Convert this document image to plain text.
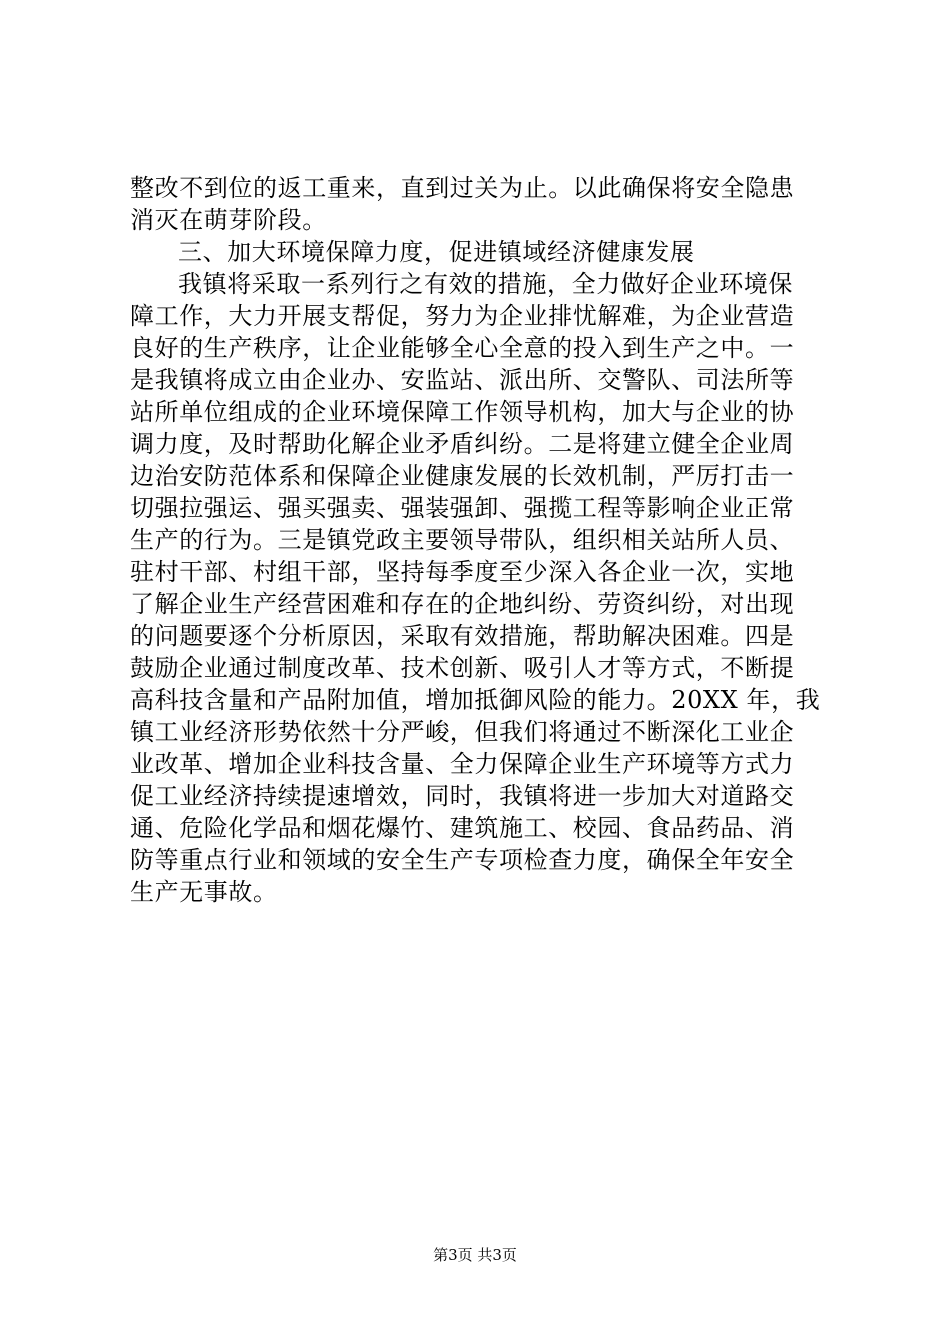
整改不到位的返工重来，直到过关为止。以此确保将安全隐患
消灭在萌芽阶段。
三、加大环境保障力度，促进镇域经济健康发展
我镇将采取一系列行之有效的措施，全力做好企业环境保
障工作，大力开展支帮促，努力为企业排忧解难，为企业营造
良好的生产秩序，让企业能够全心全意的投入到生产之中。一
是我镇将成立由企业办、安监站、派出所、交警队、司法所等
站所单位组成的企业环境保障工作领导机构，加大与企业的协
调力度，及时帮助化解企业矛盾纠纷。二是将建立健全企业周
边治安防范体系和保障企业健康发展的长效机制，严厉打击一
切强拉强运、强买强卖、强装强卸、强揽工程等影响企业正常
生产的行为。三是镇党政主要领导带队，组织相关站所人员、
驻村干部、村组干部，坚持每季度至少深入各企业一次，实地
了解企业生产经营困难和存在的企地纠纷、劳资纠纷，对出现
的问题要逐个分析原因，采取有效措施，帮助解决困难。四是
鼓励企业通过制度改革、技术创新、吸引人才等方式，不断提
高科技含量和产品附加值，增加抵御风险的能力。20XX 年，我
镇工业经济形势依然十分严峻，但我们将通过不断深化工业企
业改革、增加企业科技含量、全力保障企业生产环境等方式力
促工业经济持续提速增效，同时，我镇将进一步加大对道路交
通、危险化学品和烟花爆竹、建筑施工、校园、食品药品、消
防等重点行业和领域的安全生产专项检查力度，确保全年安全
生产无事故。
第3页 共3页
